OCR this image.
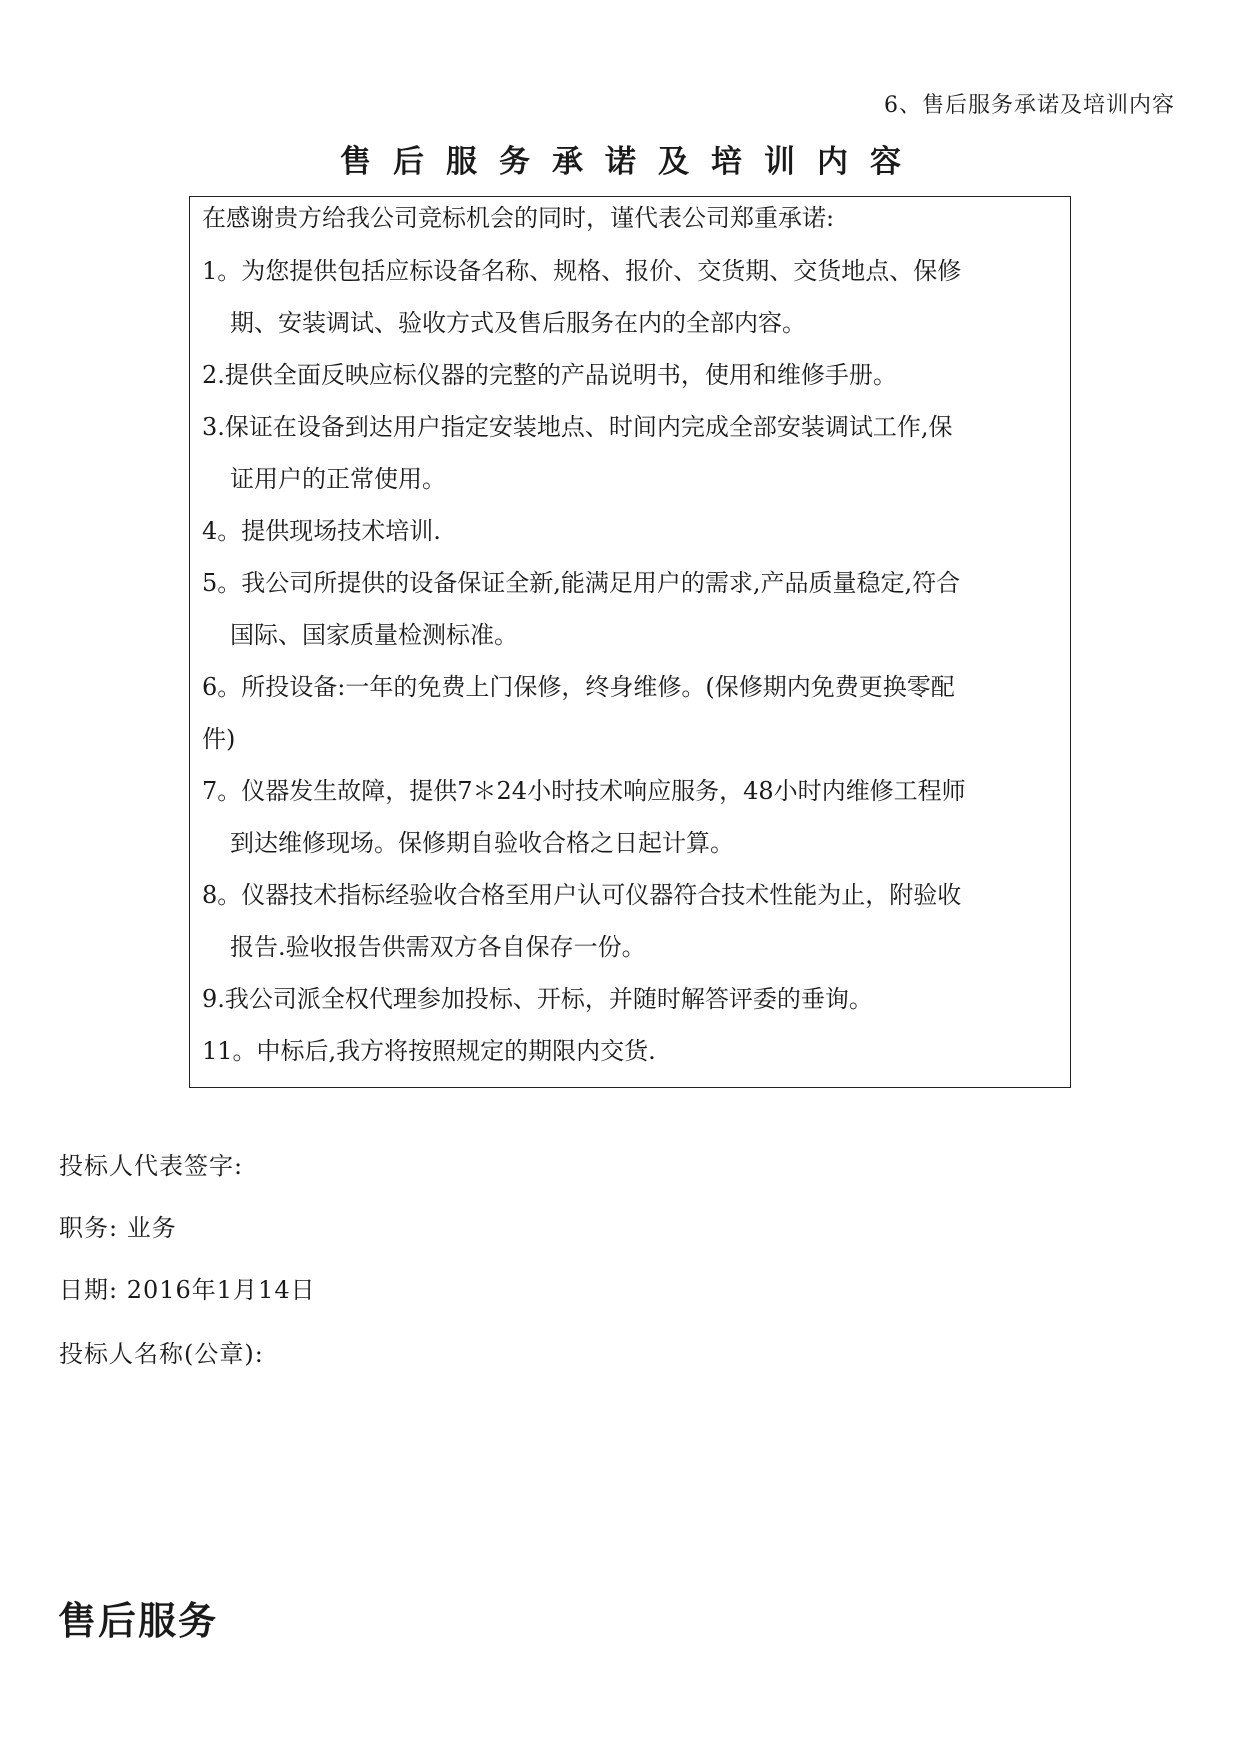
6、售后服务承诺及培训内容
售后服务承诺及培训内容
在感谢贵方给我公司竞标机会的同时，谨代表公司郑重承诺:
1。为您提供包括应标设备名称、规格、报价、交货期、交货地点、保修
期、安装调试、验收方式及售后服务在内的全部内容。
2.提供全面反映应标仪器的完整的产品说明书，使用和维修手册。
3.保证在设备到达用户指定安装地点、时间内完成全部安装调试工作,保
证用户的正常使用。
4。提供现场技术培训.
5。我公司所提供的设备保证全新,能满足用户的需求,产品质量稳定,符合
国际、国家质量检测标准。
6。所投设备:一年的免费上门保修，终身维修。(保修期内免费更换零配
件)
7。仪器发生故障，提供7＊24小时技术响应服务，48小时内维修工程师
到达维修现场。保修期自验收合格之日起计算。
8。仪器技术指标经验收合格至用户认可仪器符合技术性能为止，附验收
报告.验收报告供需双方各自保存一份。
9.我公司派全权代理参加投标、开标，并随时解答评委的垂询。
11。中标后,我方将按照规定的期限内交货.
投标人代表签字:
职务: 业务
日期: 2016年1月14日
投标人名称(公章):
售后服务
